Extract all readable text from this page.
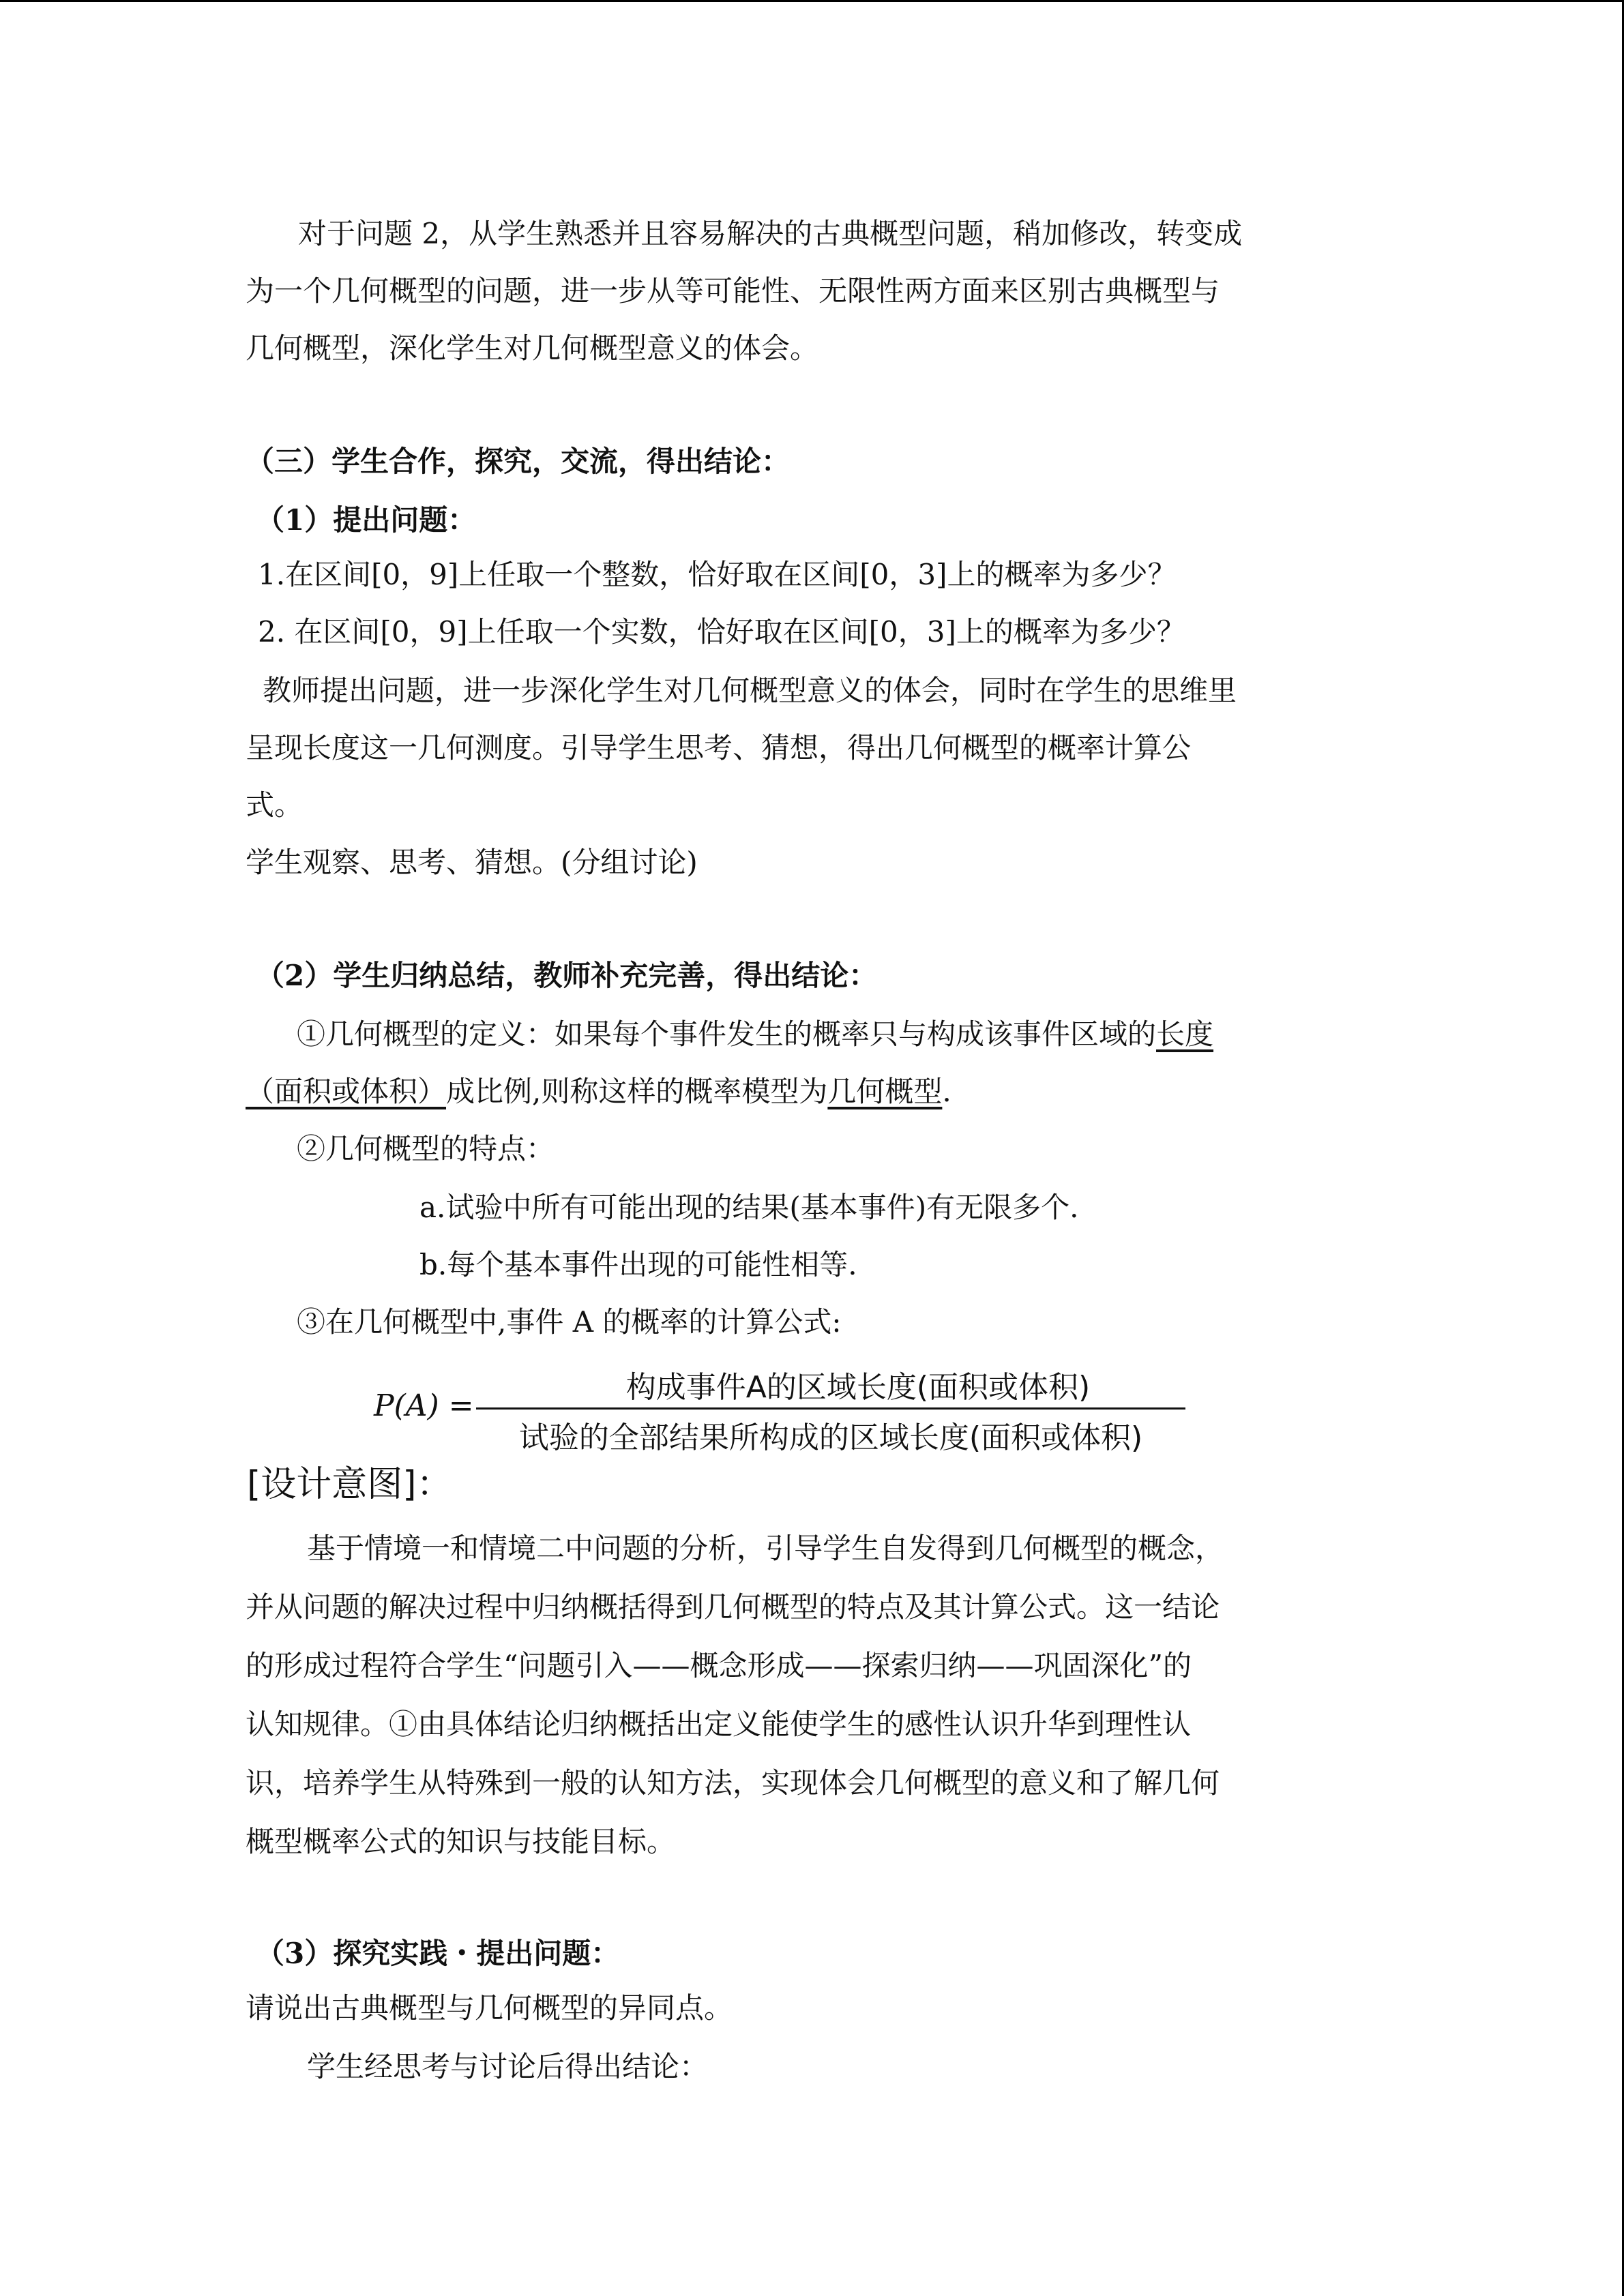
对于问题 2，从学生熟悉并且容易解决的古典概型问题，稍加修改，转变成
为一个几何概型的问题，进一步从等可能性、无限性两方面来区别古典概型与
几何概型，深化学生对几何概型意义的体会。
（三）学生合作，探究，交流，得出结论：
（1）提出问题：
1.在区间[0，9]上任取一个整数，恰好取在区间[0，3]上的概率为多少？
2. 在区间[0，9]上任取一个实数，恰好取在区间[0，3]上的概率为多少？
教师提出问题，进一步深化学生对几何概型意义的体会，同时在学生的思维里
呈现长度这一几何测度。引导学生思考、猜想，得出几何概型的概率计算公
式。
学生观察、思考、猜想。(分组讨论)
（2）学生归纳总结，教师补充完善，得出结论：
①几何概型的定义：如果每个事件发生的概率只与构成该事件区域的长度
（面积或体积）成比例,则称这样的概率模型为几何概型.
②几何概型的特点：
a.试验中所有可能出现的结果(基本事件)有无限多个.
b.每个基本事件出现的可能性相等.
③在几何概型中,事件 A 的概率的计算公式:
P(A) =
构成事件A的区域长度(面积或体积)
试验的全部结果所构成的区域长度(面积或体积)
[设计意图]：
基于情境一和情境二中问题的分析，引导学生自发得到几何概型的概念，
并从问题的解决过程中归纳概括得到几何概型的特点及其计算公式。这一结论
的形成过程符合学生“问题引入——概念形成——探索归纳——巩固深化”的
认知规律。①由具体结论归纳概括出定义能使学生的感性认识升华到理性认
识，培养学生从特殊到一般的认知方法，实现体会几何概型的意义和了解几何
概型概率公式的知识与技能目标。
（3）探究实践・提出问题：
请说出古典概型与几何概型的异同点。
学生经思考与讨论后得出结论：
